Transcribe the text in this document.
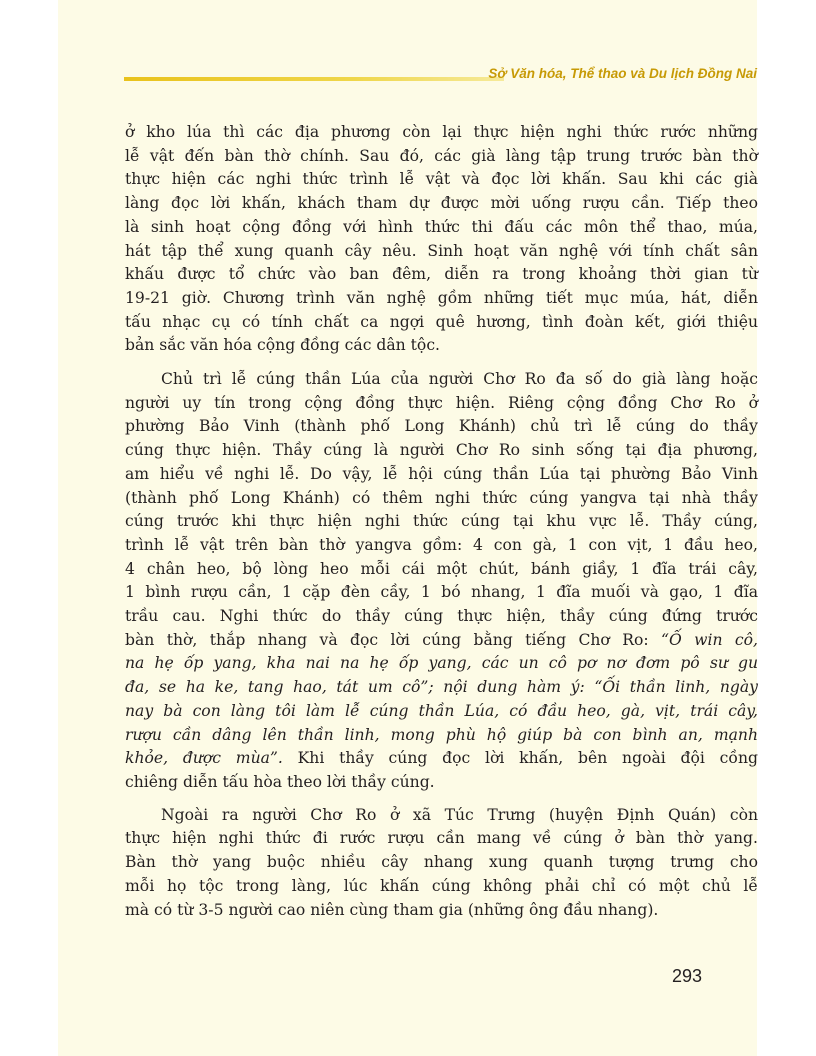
Sở Văn hóa, Thể thao và Du lịch Đồng Nai

ở kho lúa thì các địa phương còn lại thực hiện nghi thức rước những
lễ vật đến bàn thờ chính. Sau đó, các già làng tập trung trước bàn thờ
thực hiện các nghi thức trình lễ vật và đọc lời khấn. Sau khi các già
làng đọc lời khấn, khách tham dự được mời uống rượu cần. Tiếp theo
là sinh hoạt cộng đồng với hình thức thi đấu các môn thể thao, múa,
hát tập thể xung quanh cây nêu. Sinh hoạt văn nghệ với tính chất sân
khấu được tổ chức vào ban đêm, diễn ra trong khoảng thời gian từ
19-21 giờ. Chương trình văn nghệ gồm những tiết mục múa, hát, diễn
tấu nhạc cụ có tính chất ca ngợi quê hương, tình đoàn kết, giới thiệu
bản sắc văn hóa cộng đồng các dân tộc.

Chủ trì lễ cúng thần Lúa của người Chơ Ro đa số do già làng hoặc
người uy tín trong cộng đồng thực hiện. Riêng cộng đồng Chơ Ro ở
phường Bảo Vinh (thành phố Long Khánh) chủ trì lễ cúng do thầy
cúng thực hiện. Thầy cúng là người Chơ Ro sinh sống tại địa phương,
am hiểu về nghi lễ. Do vậy, lễ hội cúng thần Lúa tại phường Bảo Vinh
(thành phố Long Khánh) có thêm nghi thức cúng yangva tại nhà thầy
cúng trước khi thực hiện nghi thức cúng tại khu vực lễ. Thầy cúng,
trình lễ vật trên bàn thờ yangva gồm: 4 con gà, 1 con vịt, 1 đầu heo,
4 chân heo, bộ lòng heo mỗi cái một chút, bánh giầy, 1 đĩa trái cây,
1 bình rượu cần, 1 cặp đèn cầy, 1 bó nhang, 1 đĩa muối và gạo, 1 đĩa
trầu cau. Nghi thức do thầy cúng thực hiện, thầy cúng đứng trước
bàn thờ, thắp nhang và đọc lời cúng bằng tiếng Chơ Ro: “Ố win cô,
na hẹ ốp yang, kha nai na hẹ ốp yang, các un cô pơ nơ đơm pô sư gu
đa, se ha ke, tang hao, tát um cô”; nội dung hàm ý: “Ối thần linh, ngày
nay bà con làng tôi làm lễ cúng thần Lúa, có đầu heo, gà, vịt, trái cây,
rượu cần dâng lên thần linh, mong phù hộ giúp bà con bình an, mạnh
khỏe, được mùa”. Khi thầy cúng đọc lời khấn, bên ngoài đội cồng
chiêng diễn tấu hòa theo lời thầy cúng.

Ngoài ra người Chơ Ro ở xã Túc Trưng (huyện Định Quán) còn
thực hiện nghi thức đi rước rượu cần mang về cúng ở bàn thờ yang.
Bàn thờ yang buộc nhiều cây nhang xung quanh tượng trưng cho
mỗi họ tộc trong làng, lúc khấn cúng không phải chỉ có một chủ lễ
mà có từ 3-5 người cao niên cùng tham gia (những ông đầu nhang).

293
